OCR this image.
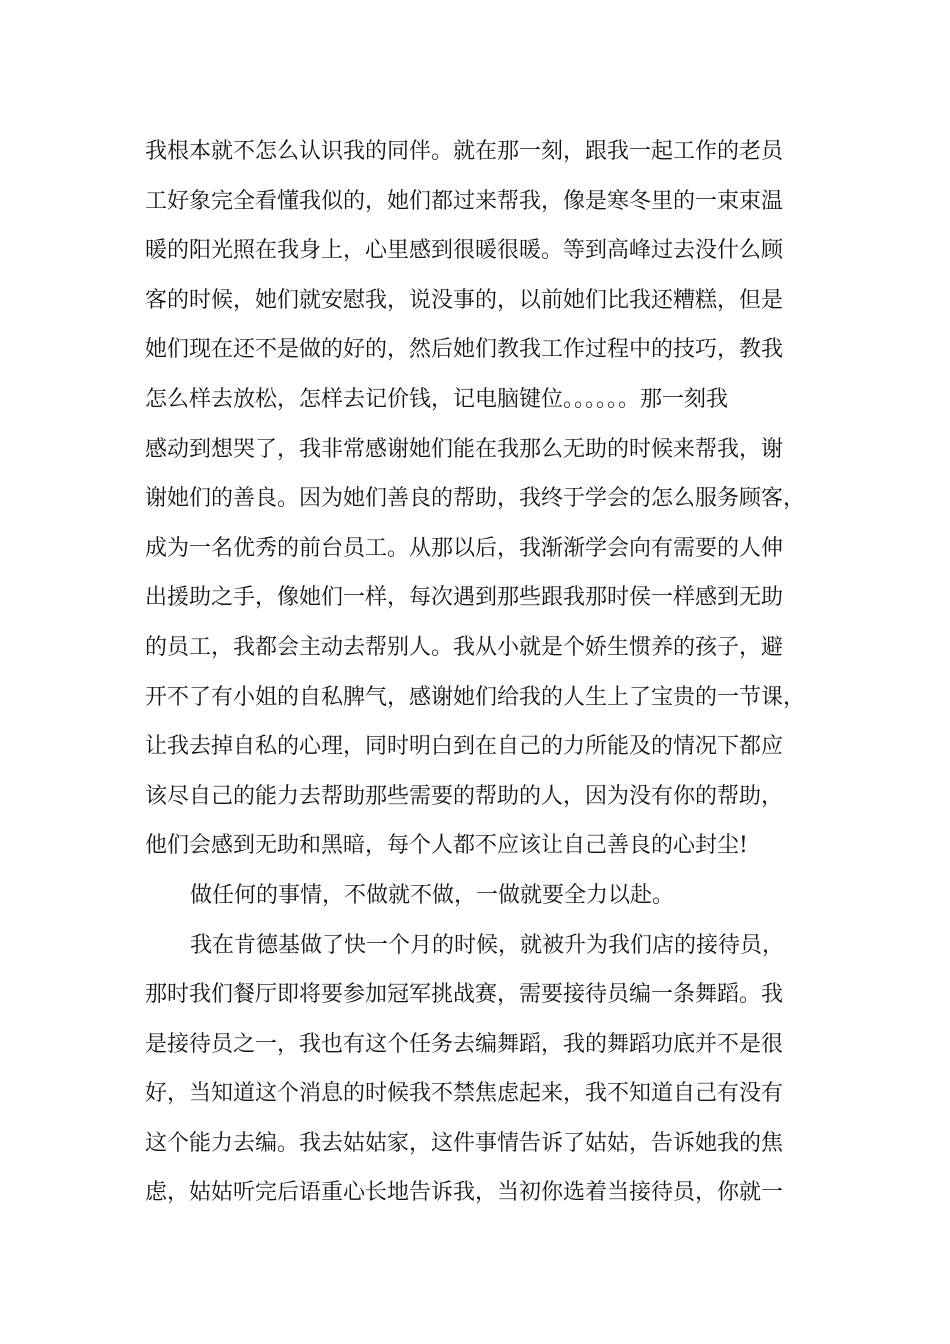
我根本就不怎么认识我的同伴。就在那一刻，跟我一起工作的老员
工好象完全看懂我似的，她们都过来帮我，像是寒冬里的一束束温
暖的阳光照在我身上，心里感到很暖很暖。等到高峰过去没什么顾
客的时候，她们就安慰我，说没事的，以前她们比我还糟糕，但是
她们现在还不是做的好的，然后她们教我工作过程中的技巧，教我
怎么样去放松，怎样去记价钱，记电脑键位。。。。。。那一刻我
感动到想哭了，我非常感谢她们能在我那么无助的时候来帮我，谢
谢她们的善良。因为她们善良的帮助，我终于学会的怎么服务顾客，
成为一名优秀的前台员工。从那以后，我渐渐学会向有需要的人伸
出援助之手，像她们一样，每次遇到那些跟我那时侯一样感到无助
的员工，我都会主动去帮别人。我从小就是个娇生惯养的孩子，避
开不了有小姐的自私脾气，感谢她们给我的人生上了宝贵的一节课，
让我去掉自私的心理，同时明白到在自己的力所能及的情况下都应
该尽自己的能力去帮助那些需要的帮助的人，因为没有你的帮助，
他们会感到无助和黑暗，每个人都不应该让自己善良的心封尘!
做任何的事情，不做就不做，一做就要全力以赴。
我在肯德基做了快一个月的时候，就被升为我们店的接待员，
那时我们餐厅即将要参加冠军挑战赛，需要接待员编一条舞蹈。我
是接待员之一，我也有这个任务去编舞蹈，我的舞蹈功底并不是很
好，当知道这个消息的时候我不禁焦虑起来，我不知道自己有没有
这个能力去编。我去姑姑家，这件事情告诉了姑姑，告诉她我的焦
虑，姑姑听完后语重心长地告诉我，当初你选着当接待员，你就一
